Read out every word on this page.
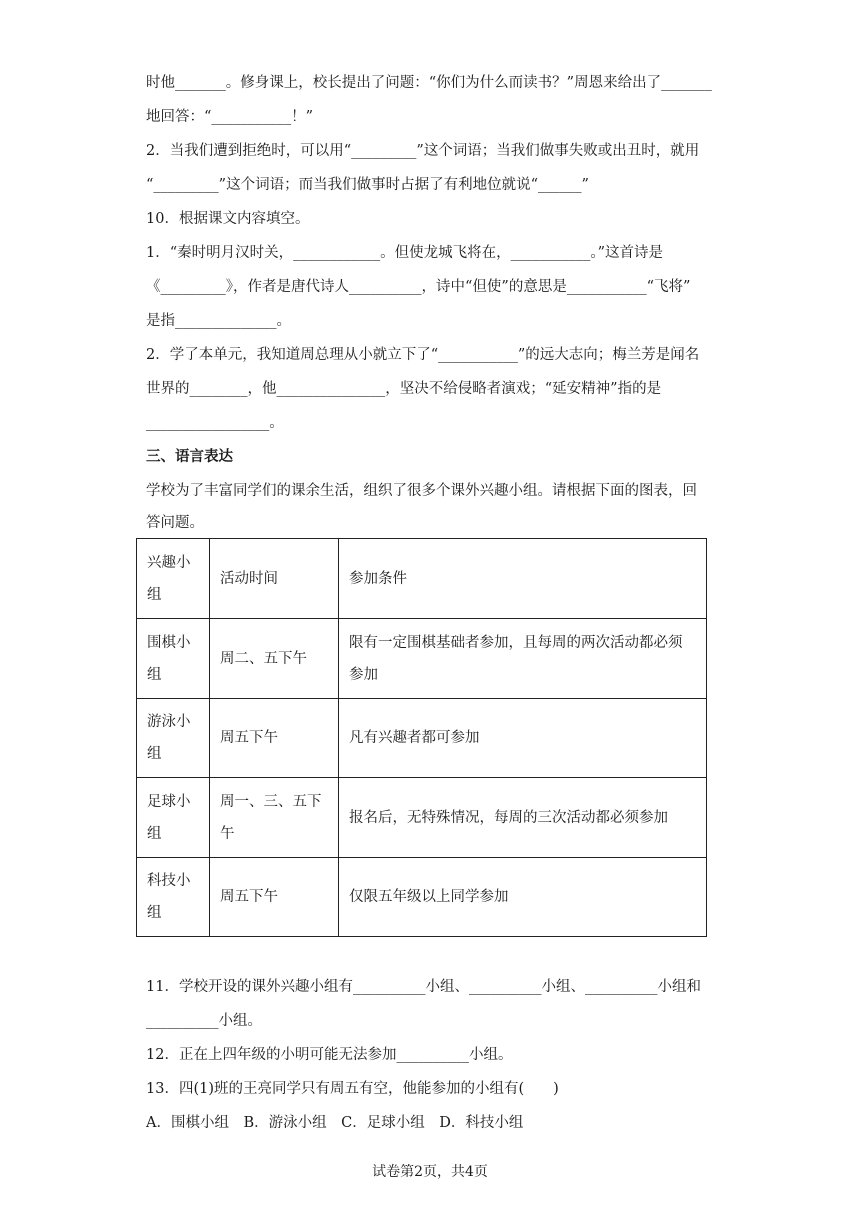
时他_______。修身课上，校长提出了问题：“你们为什么而读书？”周恩来给出了_______
地回答：“___________！”
2．当我们遭到拒绝时，可以用“_________”这个词语；当我们做事失败或出丑时，就用
“_________”这个词语；而当我们做事时占据了有利地位就说“______”
10．根据课文内容填空。
1．“秦时明月汉时关，____________。但使龙城飞将在，___________。”这首诗是
《_________》，作者是唐代诗人__________，诗中“但使”的意思是___________“飞将”
是指______________。
2．学了本单元，我知道周总理从小就立下了“___________”的远大志向；梅兰芳是闻名
世界的________，他_______________，坚决不给侵略者演戏；“延安精神”指的是
_________________。
三、语言表达
学校为了丰富同学们的课余生活，组织了很多个课外兴趣小组。请根据下面的图表，回
答问题。
兴趣小组	活动时间	参加条件
围棋小组	周二、五下午	限有一定围棋基础者参加，且每周的两次活动都必须参加
游泳小组	周五下午	凡有兴趣者都可参加
足球小组	周一、三、五下午	报名后，无特殊情况，每周的三次活动都必须参加
科技小组	周五下午	仅限五年级以上同学参加
11．学校开设的课外兴趣小组有__________小组、__________小组、__________小组和
__________小组。
12．正在上四年级的小明可能无法参加__________小组。
13．四(1)班的王亮同学只有周五有空，他能参加的小组有(　　)
A．围棋小组　B．游泳小组　C．足球小组　D．科技小组
试卷第2页，共4页
